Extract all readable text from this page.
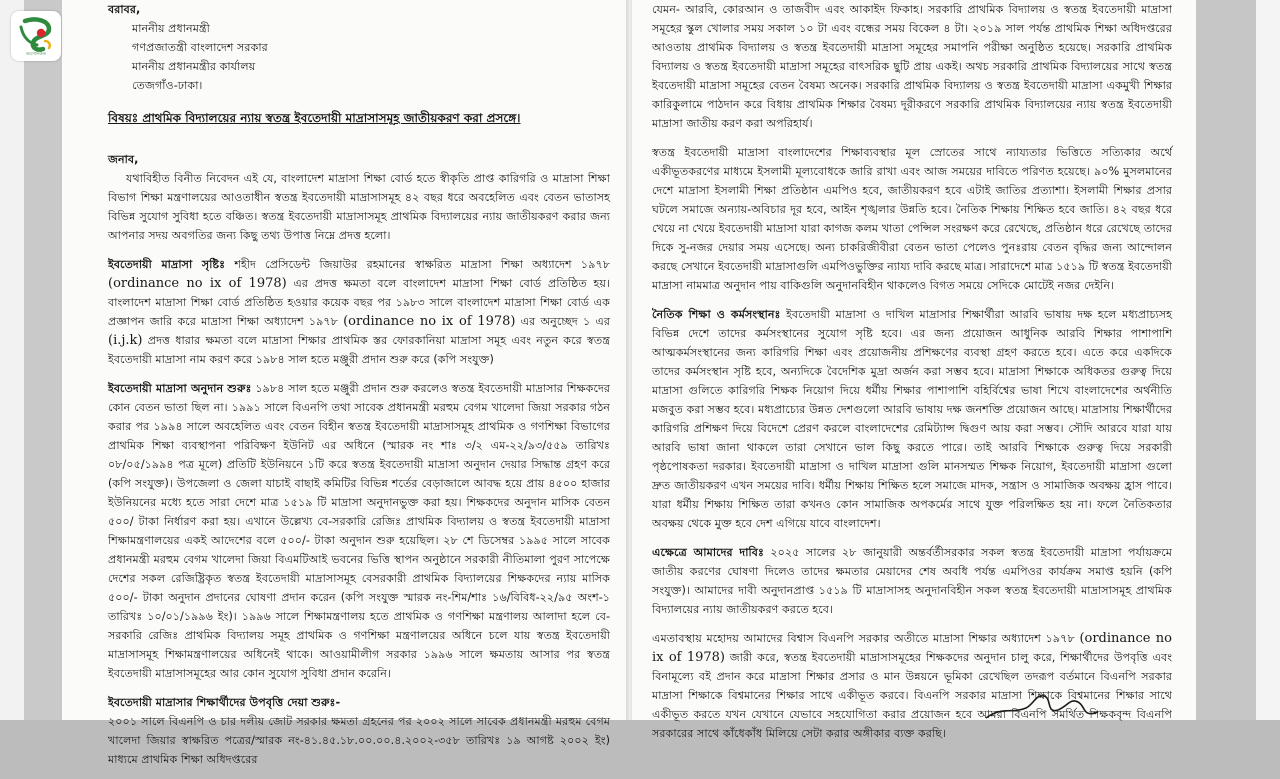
বরাবর,

মাননীয় প্রধানমন্ত্রী

গণপ্রজাতন্ত্রী বাংলাদেশ সরকার

মাননীয় প্রধানমন্ত্রীর কার্যালয়

তেজগাঁও-ঢাকা।

বিষয়ঃ প্রাথমিক বিদ্যালয়ের ন্যায় স্বতন্ত্র ইবতেদায়ী মাদ্রাসাসমূহ জাতীয়করণ করা প্রসঙ্গে।

জনাব,

যথাবিহীত বিনীত নিবেদন এই যে, বাংলাদেশ মাদ্রাসা শিক্ষা বোর্ড হতে স্বীকৃতি প্রাপ্ত কারিগরি ও মাদ্রাসা শিক্ষা বিভাগ শিক্ষা মন্ত্রণালয়ের আওতাধীন স্বতন্ত্র ইবতেদায়ী মাদ্রাসাসমূহ ৪২ বছর ধরে অবহেলিত এবং বেতন ভাতাসহ বিভিন্ন সুযোগ সুবিধা হতে বঞ্চিত। স্বতন্ত্র ইবতেদায়ী মাদ্রাসাসমূহ প্রাথমিক বিদ্যালয়ের ন্যায় জাতীয়করণ করার জন্য আপনার সদয় অবগতির জন্য কিছু তথ্য উপাত্ত নিম্নে প্রদত্ত হলো।

ইবতেদায়ী মাদ্রাসা সৃষ্টিঃ শহীদ প্রেসিডেন্ট জিয়াউর রহমানের স্বাক্ষরিত মাদ্রাসা শিক্ষা অধ্যাদেশ ১৯৭৮ (ordinance no ix of 1978) এর প্রদত্ত ক্ষমতা বলে বাংলাদেশ মাদ্রাসা শিক্ষা বোর্ড প্রতিষ্ঠিত হয়। বাংলাদেশ মাদ্রাসা শিক্ষা বোর্ড প্রতিষ্ঠিত হওয়ার কয়েক বছর পর ১৯৮৩ সালে বাংলাদেশ মাদ্রাসা শিক্ষা বোর্ড এক প্রজ্ঞাপন জারি করে মাদ্রাসা শিক্ষা অধ্যাদেশ ১৯৭৮ (ordinance no ix of 1978) এর অনুচ্ছেদ ১ এর (i.j.k) প্রদত্ত ধারার ক্ষমতা বলে মাদ্রাসা শিক্ষার প্রাথমিক স্তর ফোরকানিয়া মাদ্রাসা সমূহ এবং নতুন করে স্বতন্ত্র ইবতেদায়ী মাদ্রাসা নাম করণ করে ১৯৮৪ সাল হতে মঞ্জুরী প্রদান শুরু করে (কপি সংযুক্ত)

ইবতেদায়ী মাদ্রাসা অনুদান শুরুঃ ১৯৮৪ সাল হতে মঞ্জুরী প্রদান শুরু করলেও স্বতন্ত্র ইবতেদায়ী মাদ্রাসার শিক্ষকদের কোন বেতন ভাতা ছিল না। ১৯৯১ সালে বিএনপি তথা সাবেক প্রধানমন্ত্রী মরহুম বেগম খালেদা জিয়া সরকার গঠন করার পর ১৯৯৪ সালে অবহেলিত এবং বেতন বিহীন স্বতন্ত্র ইবতেদায়ী মাদ্রাসাসমূহ প্রাথমিক ও গণশিক্ষা বিভাগের প্রাথমিক শিক্ষা ব্যবস্থাপনা পরিবিক্ষণ ইউনিট এর অধিনে (স্মারক নং শাঃ ৩/২ এম-২২/৯৩/৫৫৯ তারিখঃ ০৮/০৫/১৯৯৪ পত্র মূলে) প্রতিটি ইউনিয়নে ১টি করে স্বতন্ত্র ইবতেদায়ী মাদ্রাসা অনুদান দেয়ার সিদ্ধান্ত গ্রহণ করে (কপি সংযুক্ত)। উপজেলা ও জেলা যাচাই বাছাই কমিটির বিভিন্ন শর্তের বেড়াজালে আবদ্ধ হয়ে প্রায় ৪৫০০ হাজার ইউনিয়নের মধ্যে হতে সারা দেশে মাত্র ১৫১৯ টি মাদ্রাসা অনুদানভুক্ত করা হয়। শিক্ষকদের অনুদান মাসিক বেতন ৫০০/ টাকা নির্ধারণ করা হয়। এখানে উল্লেখ্য বে-সরকারি রেজিঃ প্রাথমিক বিদ্যালয় ও স্বতন্ত্র ইবতেদায়ী মাদ্রাসা শিক্ষামন্ত্রণালয়ের একই আদেশের বলে ৫০০/- টাকা অনুদান শুরু হয়েছিল। ২৮ শে ডিসেম্বর ১৯৯৫ সালে সাবেক প্রধানমন্ত্রী মরহুম বেগম খালেদা জিয়া বিএমটিআই ভবনের ভিত্তি স্থাপন অনুষ্ঠানে সরকারী নীতিমালা পুরণ সাপেক্ষে দেশের সকল রেজিষ্ট্রিকৃত স্বতন্ত্র ইবতেদায়ী মাদ্রাসাসমূহ বেসরকারী প্রাথমিক বিদ্যালয়ের শিক্ষকদের ন্যায় মাসিক ৫০০/- টাকা অনুদান প্রদানের ঘোষণা প্রদান করেন (কপি সংযুক্ত স্মারক নং-শিম/শাঃ ১৬/বিবিধ-২২/৯৫ অংশ-১ তারিখঃ ১০/০১/১৯৯৬ ইং)। ১৯৯৬ সালে শিক্ষামন্ত্রণালয় হতে প্রাথমিক ও গণশিক্ষা মন্ত্রণালয় আলাদা হলে বে-সরকারি রেজিঃ প্রাথমিক বিদ্যালয় সমূহ প্রাথমিক ও গণশিক্ষা মন্ত্রণালয়ের অধিনে চলে যায় স্বতন্ত্র ইবতেদায়ী মাদ্রাসাসমূহ শিক্ষামন্ত্রণালয়ের অধিনেই থাকে। আওয়ামীলীগ সরকার ১৯৯৬ সালে ক্ষমতায় আসার পর স্বতন্ত্র ইবতেদায়ী মাদ্রাসাসমূহের আর কোন সুযোগ সুবিধা প্রদান করেনি।

ইবতেদায়ী মাদ্রাসার শিক্ষার্থীদের উপবৃত্তি দেয়া শুরুঃ-

২০০১ সালে বিএনপি ও চার দলীয় জোট সরকার ক্ষমতা গ্রহনের পর ২০০২ সালে সাবেক প্রধানমন্ত্রী মরহুম বেগম খালেদা জিয়ার স্বাক্ষরিত পত্রের/স্মারক নং-৪১.৪৫.১৮.০০.০০.৪.২০০২-৩৫৮ তারিখঃ ১৯ আগষ্ট ২০০২ ইং) মাধ্যমে প্রাথমিক শিক্ষা অধিদপ্তরের

যেমন- আরবি, কোরআন ও তাজবীদ এবং আকাইদ ফিকাহ। সরকারি প্রাথমিক বিদ্যালয় ও স্বতন্ত্র ইবতেদায়ী মাদ্রাসা সমূহের স্কুল খোলার সময় সকাল ১০ টা এবং বন্ধের সময় বিকেল ৪ টা। ২০১৯ সাল পর্যন্ত প্রাথমিক শিক্ষা অধিদপ্তরের আওতায় প্রাথমিক বিদ্যালয় ও স্বতন্ত্র ইবতেদায়ী মাদ্রাসা সমূহের সমাপনি পরীক্ষা অনুষ্ঠিত হয়েছে। সরকারি প্রাথমিক বিদ্যালয় ও স্বতন্ত্র ইবতেদায়ী মাদ্রাসা সমূহের বাৎসরিক ছুটি প্রায় একই। অথচ সরকারি প্রাথমিক বিদ্যালয়ের সাথে স্বতন্ত্র ইবতেদায়ী মাদ্রাসা সমূহের বেতন বৈষম্য অনেক। সরকারি প্রাথমিক বিদ্যালয় ও স্বতন্ত্র ইবতেদায়ী মাদ্রাসা একমুখী শিক্ষার কারিকুলামে পাঠদান করে বিধায় প্রাথমিক শিক্ষার বৈষম্য দূরীকরণে সরকারি প্রাথমিক বিদ্যালয়ের ন্যায় স্বতন্ত্র ইবতেদায়ী মাদ্রাসা জাতীয় করণ করা অপরিহার্য।

স্বতন্ত্র ইবতেদায়ী মাদ্রাসা বাংলাদেশের শিক্ষাব্যবস্থার মূল স্রোতের সাথে ন্যায্যতার ভিত্তিতে সত্যিকার অর্থে একীভূতকরণের মাধ্যমে ইসলামী মূল্যবোধকে জারি রাখা এবং আজ সময়ের দাবিতে পরিণত হয়েছে। ৯০% মুসলমানের দেশে মাদ্রাসা ইসলামী শিক্ষা প্রতিষ্ঠান এমপিও হবে, জাতীয়করণ হবে এটাই জাতির প্রত্যাশা। ইসলামী শিক্ষার প্রসার ঘটলে সমাজে অন্যায়-অবিচার দূর হবে, আইন শৃঙ্খলার উন্নতি হবে। নৈতিক শিক্ষায় শিক্ষিত হবে জাতি। ৪২ বছর ধরে খেয়ে না খেয়ে ইবতেদায়ী মাদ্রাসা যারা কাগজ কলম খাতা পেন্সিল সংরক্ষণ করে রেখেছে, প্রতিষ্ঠান ধরে রেখেছে তাদের দিকে সু-নজর দেয়ার সময় এসেছে। অন্য চাকরিজীবীরা বেতন ভাতা পেলেও পুনঃরায় বেতন বৃদ্ধির জন্য আন্দোলন করছে সেখানে ইবতেদায়ী মাদ্রাসাগুলি এমপিওভুক্তির ন্যায্য দাবি করছে মাত্র। সারাদেশে মাত্র ১৫১৯ টি স্বতন্ত্র ইবতেদায়ী মাদ্রাসা নামমাত্র অনুদান পায় বাকিগুলি অনুদানবিহীন থাকলেও বিগত সময়ে সেদিকে মোটেই নজর দেইনি।

নৈতিক শিক্ষা ও কর্মসংস্থানঃ ইবতেদায়ী মাদ্রাসা ও দাখিল মাদ্রাসার শিক্ষার্থীরা আরবি ভাষায় দক্ষ হলে মধ্যপ্রাচ্যসহ বিভিন্ন দেশে তাদের কর্মসংস্থানের সুযোগ সৃষ্টি হবে। এর জন্য প্রয়োজন আধুনিক আরবি শিক্ষার পাশাপাশি আত্মকর্মসংস্থানের জন্য কারিগরি শিক্ষা এবং প্রয়োজনীয় প্রশিক্ষণের ব্যবস্থা গ্রহণ করতে হবে। এতে করে একদিকে তাদের কর্মসংস্থান সৃষ্টি হবে, অন্যদিকে বৈদেশিক মুদ্রা অর্জন করা সম্ভব হবে। মাদ্রাসা শিক্ষাকে অধিকতর গুরুত্ব দিয়ে মাদ্রাসা গুলিতে কারিগরি শিক্ষক নিয়োগ দিয়ে ধর্মীয় শিক্ষার পাশাপাশি বহির্বিশ্বের ভাষা শিখে বাংলাদেশের অর্থনীতি মজবুত করা সম্ভব হবে। মধ্যপ্রাচ্যের উন্নত দেশগুলো আরবি ভাষায় দক্ষ জনশক্তি প্রয়োজন আছে। মাদ্রাসায় শিক্ষার্থীদের কারিগরি প্রশিক্ষণ দিয়ে বিদেশে প্রেরণ করলে বাংলাদেশের রেমিট্যান্স দ্বিগুণ আয় করা সম্ভব। সৌদি আরবে যারা যায় আরবি ভাষা জানা থাকলে তারা সেখানে ভাল কিছু করতে পারে। তাই আরবি শিক্ষাকে গুরুত্ব দিয়ে সরকারী পৃষ্ঠপোষকতা দরকার। ইবতেদায়ী মাদ্রাসা ও দাখিল মাদ্রাসা গুলি মানসম্মত শিক্ষক নিয়োগ, ইবতেদায়ী মাদ্রাসা গুলো দ্রুত জাতীয়করণ এখন সময়ের দাবি। ধর্মীয় শিক্ষায় শিক্ষিত হলে সমাজে মাদক, সন্ত্রাস ও সামাজিক অবক্ষয় হ্রাস পাবে। যারা ধর্মীয় শিক্ষায় শিক্ষিত তারা কখনও কোন সামাজিক অপকর্মের সাথে যুক্ত পরিলক্ষিত হয় না। ফলে নৈতিকতার অবক্ষয় থেকে মুক্ত হবে দেশ এগিয়ে যাবে বাংলাদেশ।

এক্ষেত্রে আমাদের দাবিঃ ২০২৫ সালের ২৮ জানুয়ারী অন্তর্বর্তীসরকার সকল স্বতন্ত্র ইবতেদায়ী মাদ্রাসা পর্যায়ক্রমে জাতীয় করণের ঘোষণা দিলেও তাদের ক্ষমতার মেয়াদের শেষ অবধি পর্যন্ত এমপিওর কার্যক্রম সমাপ্ত হয়নি (কপি সংযুক্ত)। আমাদের দাবী অনুদানপ্রাপ্ত ১৫১৯ টি মাদ্রাসাসহ অনুদানবিহীন সকল স্বতন্ত্র ইবতেদায়ী মাদ্রাসাসমূহ প্রাথমিক বিদ্যালয়ের ন্যায় জাতীয়করণ করতে হবে।

এমতাবস্থায় মহোদয় আমাদের বিশ্বাস বিএনপি সরকার অতীতে মাদ্রাসা শিক্ষার অধ্যাদেশ ১৯৭৮ (ordinance no ix of 1978) জারী করে, স্বতন্ত্র ইবতেদায়ী মাদ্রাসাসমূহের শিক্ষকদের অনুদান চালু করে, শিক্ষার্থীদের উপবৃত্তি এবং বিনামূল্যে বই প্রদান করে মাদ্রাসা শিক্ষার প্রসার ও মান উন্নয়নে ভূমিকা রেখেছিল তদরূপ বর্তমানে বিএনপি সরকার মাদ্রাসা শিক্ষাকে বিশ্বমানের শিক্ষার সাথে একীভূত করবে। বিএনপি সরকার মাদ্রাসা শিক্ষাকে বিশ্বমানের শিক্ষার সাথে একীভূত করতে যখন যেখানে যেভাবে সহযোগিতা করার প্রয়োজন হবে আমরা বিএনপি সমর্থিত শিক্ষকবৃন্দ বিএনপি সরকারের সাথে কাঁধেকাঁধ মিলিয়ে সেটা করার অঙ্গীকার ব্যক্ত করছি।

জাগোনিউজ
